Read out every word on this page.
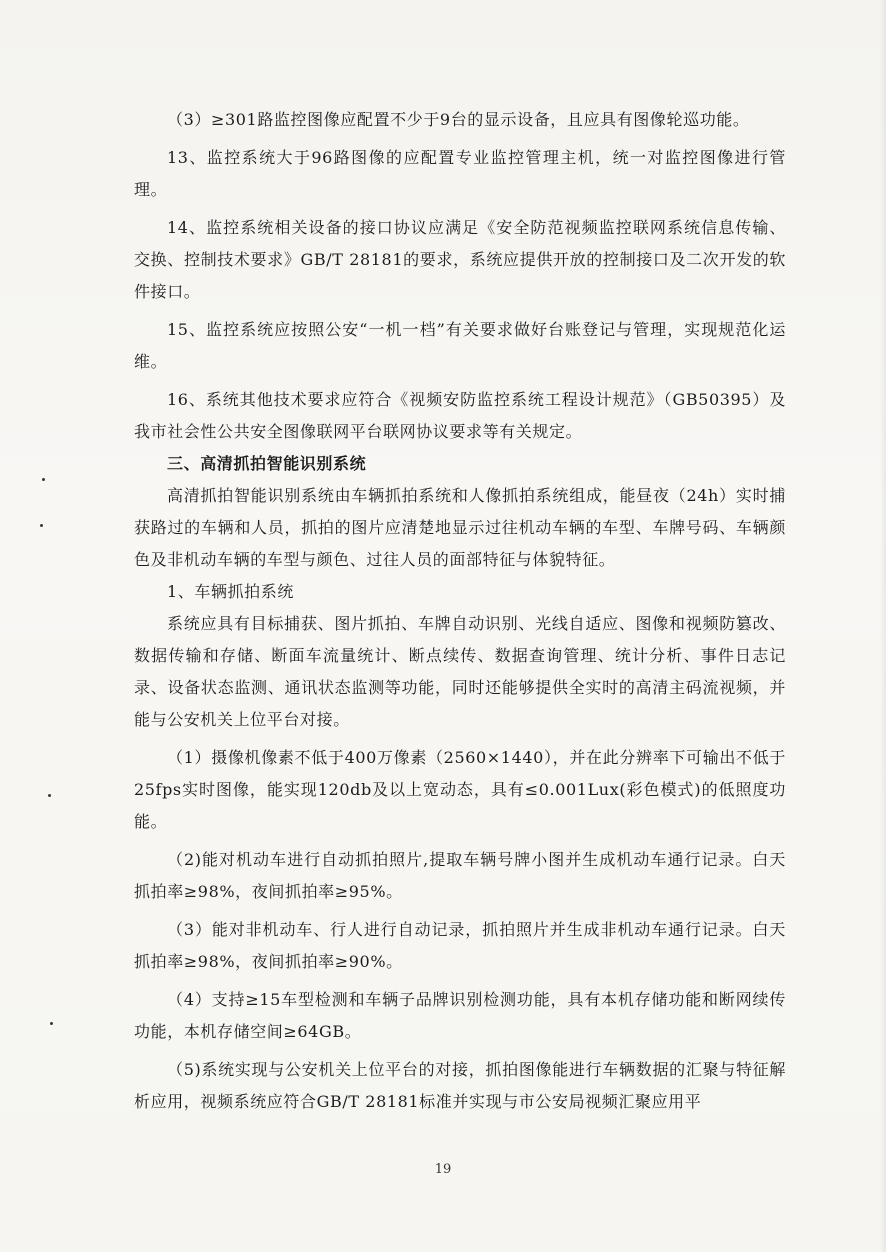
（3）≥301路监控图像应配置不少于9台的显示设备，且应具有图像轮巡功能。

13、监控系统大于96路图像的应配置专业监控管理主机，统一对监控图像进行管理。

14、监控系统相关设备的接口协议应满足《安全防范视频监控联网系统信息传输、交换、控制技术要求》GB/T 28181的要求，系统应提供开放的控制接口及二次开发的软件接口。

15、监控系统应按照公安“一机一档”有关要求做好台账登记与管理，实现规范化运维。

16、系统其他技术要求应符合《视频安防监控系统工程设计规范》（GB50395）及我市社会性公共安全图像联网平台联网协议要求等有关规定。

三、高清抓拍智能识别系统

高清抓拍智能识别系统由车辆抓拍系统和人像抓拍系统组成，能昼夜（24h）实时捕获路过的车辆和人员，抓拍的图片应清楚地显示过往机动车辆的车型、车牌号码、车辆颜色及非机动车辆的车型与颜色、过往人员的面部特征与体貌特征。

1、车辆抓拍系统

系统应具有目标捕获、图片抓拍、车牌自动识别、光线自适应、图像和视频防篡改、数据传输和存储、断面车流量统计、断点续传、数据查询管理、统计分析、事件日志记录、设备状态监测、通讯状态监测等功能，同时还能够提供全实时的高清主码流视频，并能与公安机关上位平台对接。

（1）摄像机像素不低于400万像素（2560×1440），并在此分辨率下可输出不低于25fps实时图像，能实现120db及以上宽动态，具有≤0.001Lux(彩色模式)的低照度功能。

（2)能对机动车进行自动抓拍照片,提取车辆号牌小图并生成机动车通行记录。白天抓拍率≥98%，夜间抓拍率≥95%。

（3）能对非机动车、行人进行自动记录，抓拍照片并生成非机动车通行记录。白天抓拍率≥98%，夜间抓拍率≥90%。

（4）支持≥15车型检测和车辆子品牌识别检测功能，具有本机存储功能和断网续传功能，本机存储空间≥64GB。

（5)系统实现与公安机关上位平台的对接，抓拍图像能进行车辆数据的汇聚与特征解析应用，视频系统应符合GB/T 28181标准并实现与市公安局视频汇聚应用平

19
